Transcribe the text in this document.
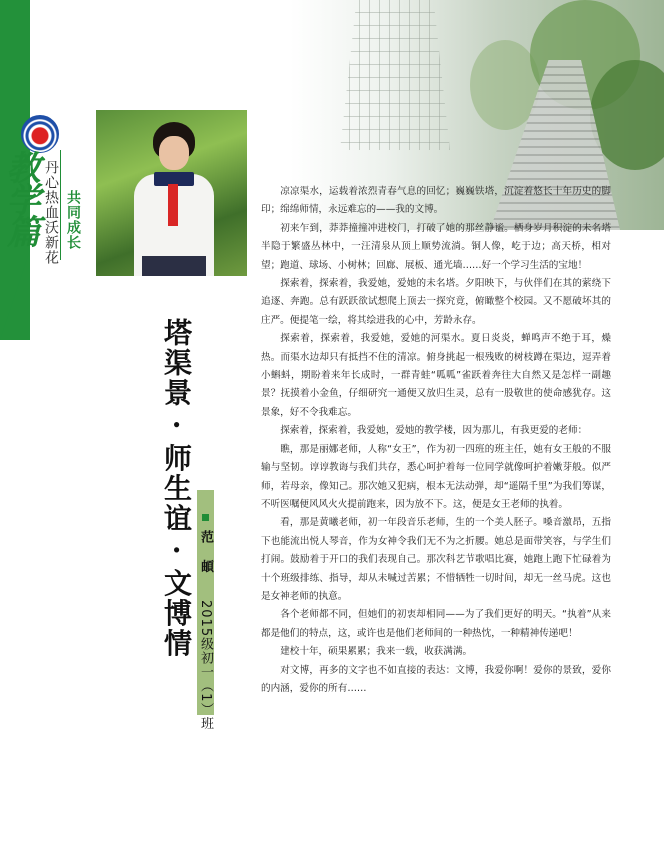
教学篇 丹心热血沃新花 共同成长
塔渠景 · 师生谊 · 文博情 范 頔 2015级初一（1）班

凉凉渠水，运载着浓烈青春气息的回忆；巍巍铁塔，沉淀着悠长十年历史的脚印；绵绵师情，永远难忘的——我的文博。

初来乍到，莽莽撞撞冲进校门，打破了她的那丝静谧。栖身岁月积淀的未名塔半隐于繁盛丛林中，一汪清泉从顶上顺势流淌。铜人像，屹于边；高天桥，相对望；跑道、球场、小树林；回廊、展板、通光墙……好一个学习生活的宝地！

探索着，探索着，我爱她，爱她的未名塔。夕阳映下，与伙伴们在其的萦绕下追逐、奔跑。总有跃跃欲试想爬上顶去一探究竟，俯瞰整个校园。又不愿破坏其的庄严。便提笔一绘，将其绘进我的心中，芳龄永存。

探索着，探索着，我爱她，爱她的河渠水。夏日炎炎，蝉鸣声不绝于耳，燥热。而渠水边却只有抵挡不住的清凉。俯身挑起一根残败的树枝蹲在渠边，逗弄着小蝌蚪，期盼着来年长成时，一群青蛙“呱呱”雀跃着奔往大自然又是怎样一副趣景？抚摸着小金鱼，仔细研究一通便又放归生灵，总有一股敬世的使命感犹存。这景象，好不令我难忘。

探索着，探索着，我爱她，爱她的教学楼，因为那儿，有我更爱的老师：

瞧，那是丽娜老师，人称“女王”，作为初一四班的班主任，她有女王般的不服输与坚韧。谆谆教诲与我们共存，悉心呵护着每一位同学就像呵护着嫩芽般。似严师，若母亲，像知己。那次她又犯病，根本无法动弹，却“遥隔千里”为我们筹谋，不听医嘱便风风火火提前跑来，因为放不下。这，便是女王老师的执着。

看，那是黄曦老师，初一年段音乐老师，生的一个美人胚子。嗓音激昂，五指下也能流出悦人琴音，作为女神令我们无不为之折腰。她总是面带笑容，与学生们打闹。鼓励着于开口的我们表现自己。那次科艺节歌唱比赛，她跑上跑下忙碌着为十个班级排练、指导，却从未喊过苦累；不惜牺牲一切时间，却无一丝马虎。这也是女神老师的执意。

各个老师都不同，但她们的初衷却相同——为了我们更好的明天。“执着”从来都是他们的特点，这，或许也是他们老师间的一种热忱，一种精神传递吧！

建校十年，硕果累累；我来一载，收获满满。

对文博，再多的文字也不如直接的表达：文博，我爱你啊！爱你的景致，爱你的内涵，爱你的所有……
